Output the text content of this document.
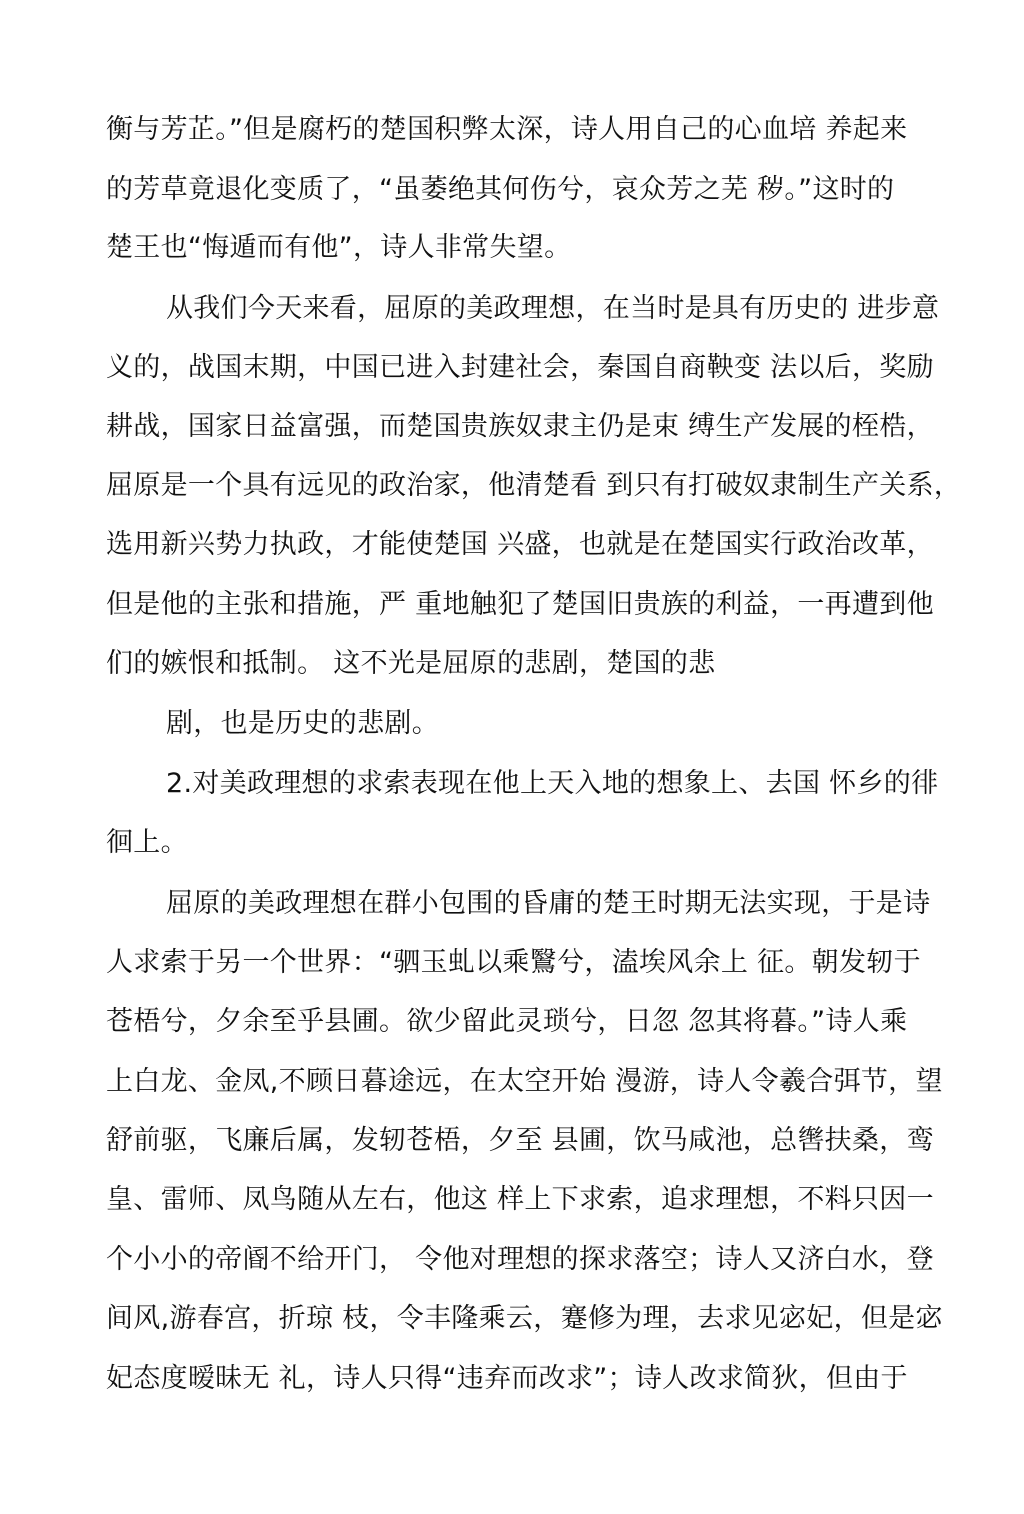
衡与芳芷。”但是腐朽的楚国积弊太深，诗人用自己的心血培 养起来
的芳草竟退化变质了，“虽萎绝其何伤兮，哀众芳之芜 秽。”这时的
楚王也“悔遁而有他”，诗人非常失望。
从我们今天来看，屈原的美政理想，在当时是具有历史的 进步意
义的，战国末期，中国已进入封建社会，秦国自商鞅变 法以后，奖励
耕战，国家日益富强，而楚国贵族奴隶主仍是束 缚生产发展的桎梏，
屈原是一个具有远见的政治家，他清楚看 到只有打破奴隶制生产关系，
选用新兴势力执政，才能使楚国 兴盛，也就是在楚国实行政治改革，
但是他的主张和措施，严 重地触犯了楚国旧贵族的利益，一再遭到他
们的嫉恨和抵制。 这不光是屈原的悲剧，楚国的悲
剧，也是历史的悲剧。
2.对美政理想的求索表现在他上天入地的想象上、去国 怀乡的徘
徊上。
屈原的美政理想在群小包围的昏庸的楚王时期无法实现，于是诗
人求索于另一个世界：“驷玉虬以乘鷖兮，溘埃风余上 征。朝发轫于
苍梧兮，夕余至乎县圃。欲少留此灵琐兮，日忽 忽其将暮。”诗人乘
上白龙、金凤,不顾日暮途远，在太空开始 漫游，诗人令羲合弭节，望
舒前驱，飞廉后属，发轫苍梧，夕至 县圃，饮马咸池，总辔扶桑，鸾
皇、雷师、凤鸟随从左右，他这 样上下求索，追求理想，不料只因一
个小小的帝阍不给开门， 令他对理想的探求落空；诗人又济白水，登
间风,游春宫，折琼 枝，令丰隆乘云，蹇修为理，去求见宓妃，但是宓
妃态度暧昧无 礼，诗人只得“违弃而改求”；诗人改求简狄，但由于
